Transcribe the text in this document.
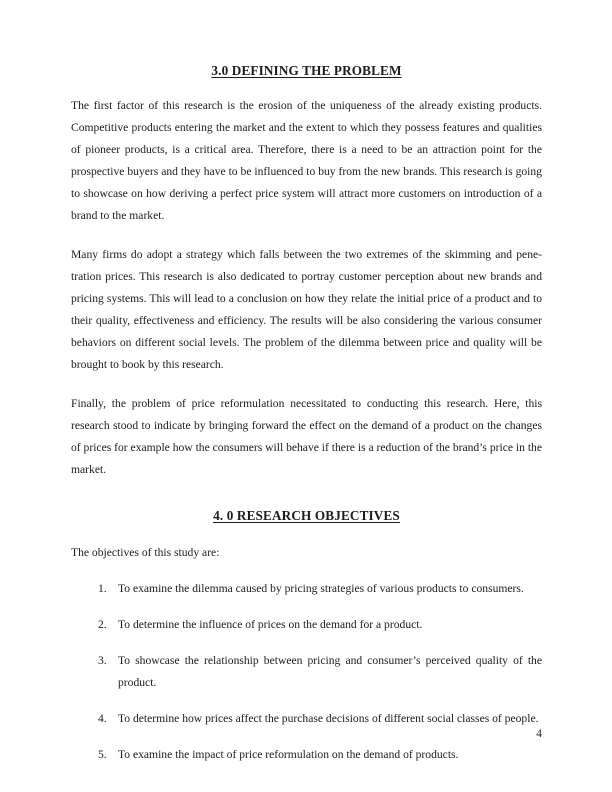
3.0 DEFINING THE PROBLEM

The first factor of this research is the erosion of the uniqueness of the already existing products. Competitive products entering the market and the extent to which they possess features and qualities of pioneer products, is a critical area. Therefore, there is a need to be an attraction point for the prospective buyers and they have to be influenced to buy from the new brands. This research is going to showcase on how deriving a perfect price system will attract more customers on introduction of a brand to the market.

Many firms do adopt a strategy which falls between the two extremes of the skimming and pene-tration prices. This research is also dedicated to portray customer perception about new brands and pricing systems. This will lead to a conclusion on how they relate the initial price of a product and to their quality, effectiveness and efficiency. The results will be also considering the various consumer behaviors on different social levels. The problem of the dilemma between price and quality will be brought to book by this research.

Finally, the problem of price reformulation necessitated to conducting this research. Here, this research stood to indicate by bringing forward the effect on the demand of a product on the changes of prices for example how the consumers will behave if there is a reduction of the brand’s price in the market.

4. 0 RESEARCH OBJECTIVES

The objectives of this study are:

1. To examine the dilemma caused by pricing strategies of various products to consumers.
2. To determine the influence of prices on the demand for a product.
3. To showcase the relationship between pricing and consumer’s perceived quality of the product.
4. To determine how prices affect the purchase decisions of different social classes of people.
5. To examine the impact of price reformulation on the demand of products.
4
